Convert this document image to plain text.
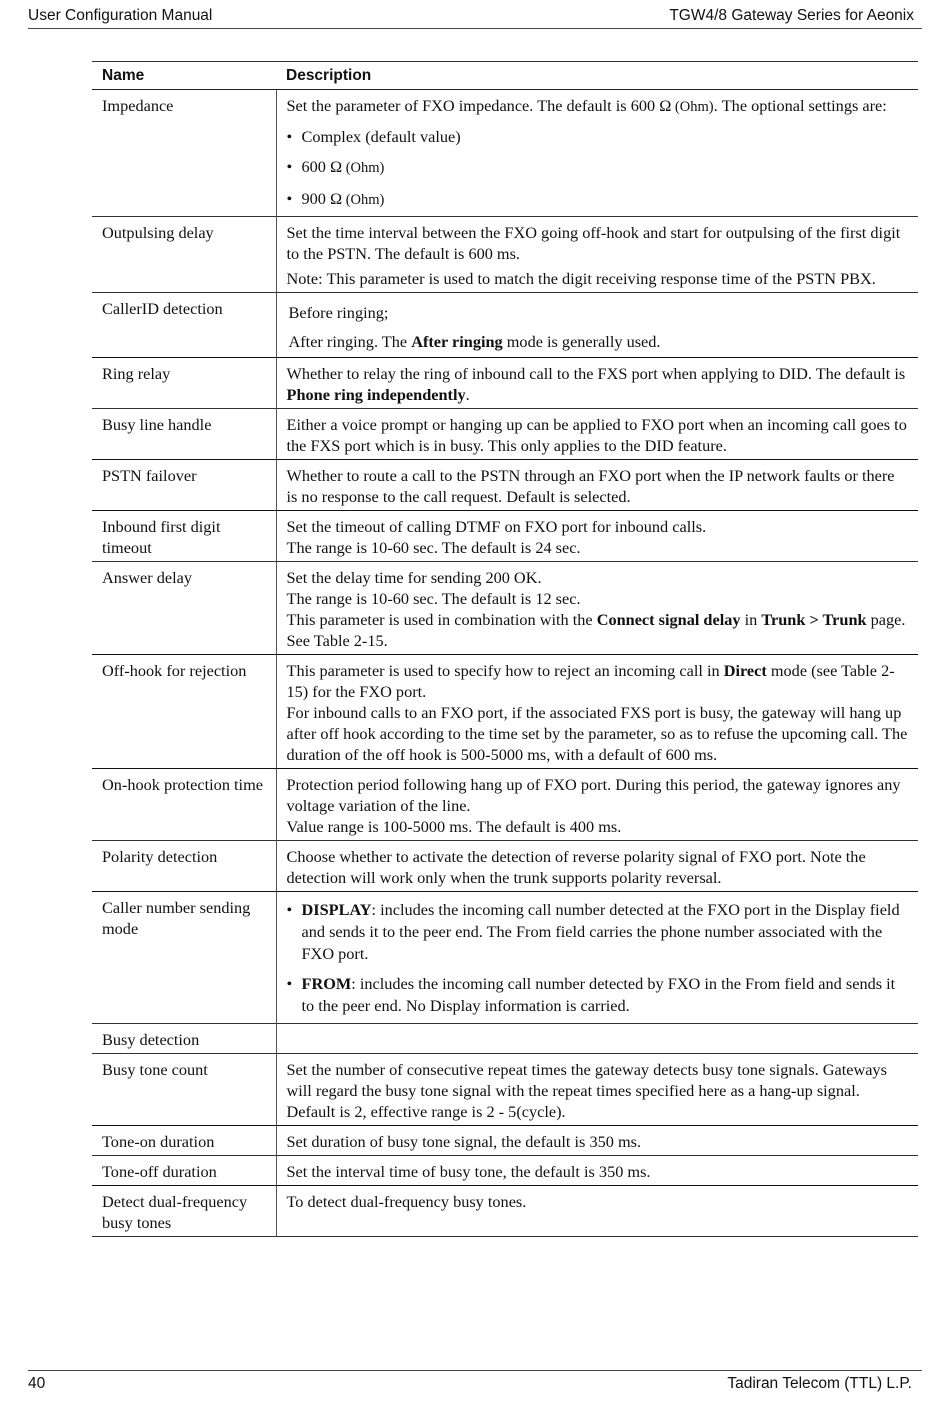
User Configuration Manual	TGW4/8 Gateway Series for Aeonix
Name	Description
Impedance	Set the parameter of FXO impedance. The default is 600 Ω (Ohm). The optional settings are:
• Complex (default value)
• 600 Ω (Ohm)
• 900 Ω (Ohm)

Outpulsing delay	Set the time interval between the FXO going off-hook and start for outpulsing of the first digit to the PSTN. The default is 600 ms.
Note: This parameter is used to match the digit receiving response time of the PSTN PBX.

CallerID detection	Before ringing;
After ringing. The After ringing mode is generally used.

Ring relay	Whether to relay the ring of inbound call to the FXS port when applying to DID. The default is Phone ring independently.

Busy line handle	Either a voice prompt or hanging up can be applied to FXO port when an incoming call goes to the FXS port which is in busy. This only applies to the DID feature.
PSTN failover	Whether to route a call to the PSTN through an FXO port when the IP network faults or there is no response to the call request. Default is selected.
Inbound first digit timeout	Set the timeout of calling DTMF on FXO port for inbound calls.
The range is 10-60 sec. The default is 24 sec.

Answer delay	Set the delay time for sending 200 OK.
The range is 10-60 sec. The default is 12 sec.
This parameter is used in combination with the Connect signal delay in Trunk > Trunk page. See Table 2-15.

Off-hook for rejection	This parameter is used to specify how to reject an incoming call in Direct mode (see Table 2-15) for the FXO port.
For inbound calls to an FXO port, if the associated FXS port is busy, the gateway will hang up after off hook according to the time set by the parameter, so as to refuse the upcoming call. The duration of the off hook is 500-5000 ms, with a default of 600 ms.

On-hook protection time	Protection period following hang up of FXO port. During this period, the gateway ignores any voltage variation of the line.
Value range is 100-5000 ms. The default is 400 ms.

Polarity detection	Choose whether to activate the detection of reverse polarity signal of FXO port. Note the detection will work only when the trunk supports polarity reversal.
Caller number sending mode	• DISPLAY: includes the incoming call number detected at the FXO port in the Display field and sends it to the peer end. The From field carries the phone number associated with the FXO port.
• FROM: includes the incoming call number detected by FXO in the From field and sends it to the peer end. No Display information is carried.

Busy detection	
Busy tone count	Set the number of consecutive repeat times the gateway detects busy tone signals. Gateways will regard the busy tone signal with the repeat times specified here as a hang-up signal. Default is 2, effective range is 2 - 5(cycle).
Tone-on duration	Set duration of busy tone signal, the default is 350 ms.
Tone-off duration	Set the interval time of busy tone, the default is 350 ms.
Detect dual-frequency busy tones	To detect dual-frequency busy tones.
40	Tadiran Telecom (TTL) L.P.
